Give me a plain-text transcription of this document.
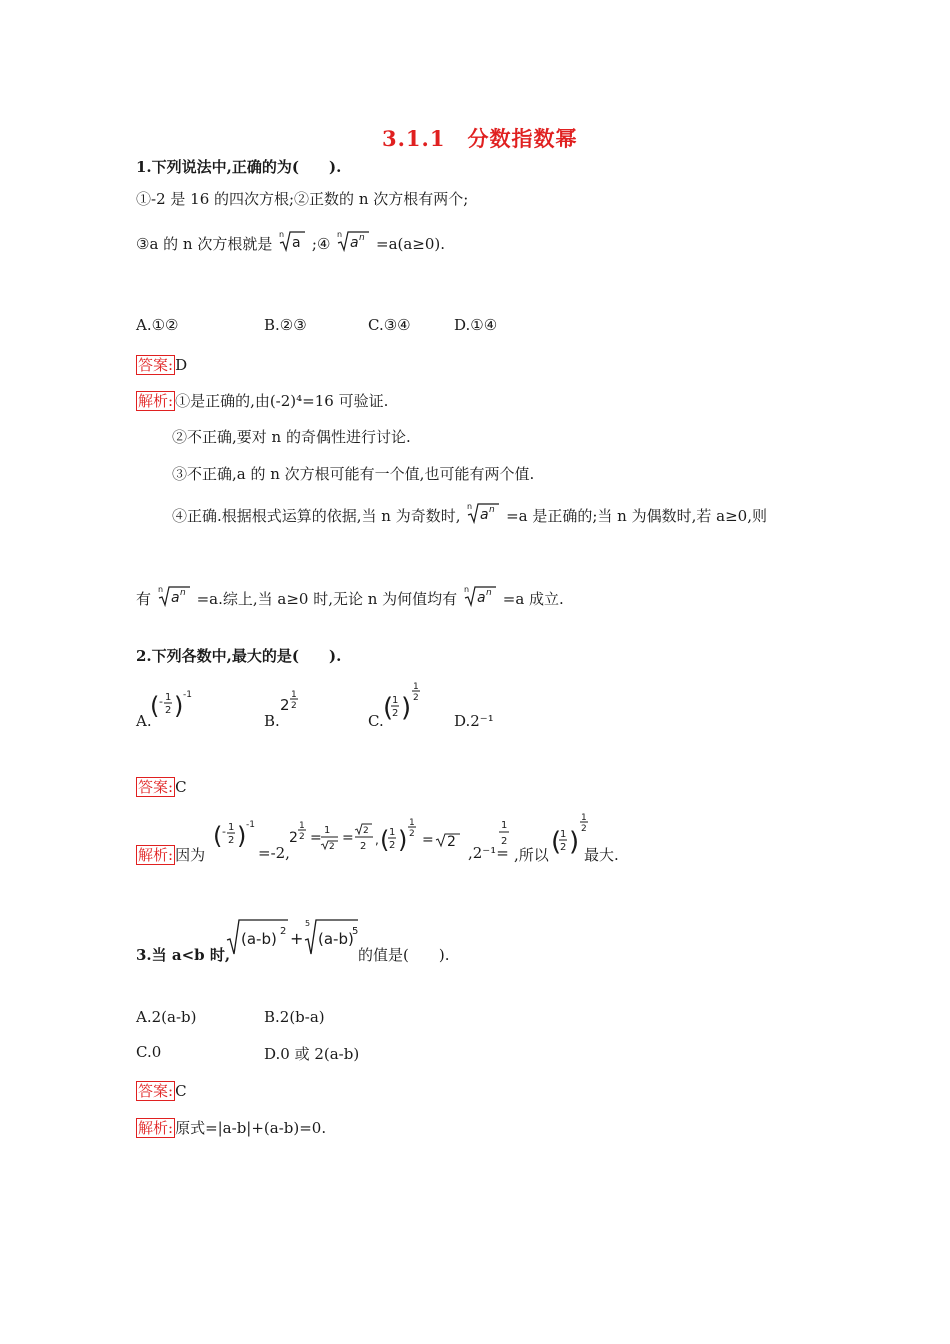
3.1.1　分数指数幂
1.下列说法中,正确的为(　　).
①-2 是 16 的四次方根;②正数的 n 次方根有两个;
③a 的 n 次方根就是
n
a ;④
n
a n =a(a≥0).
A.①②	B.②③	C.③④	D.①④
答案: D
解析: ①是正确的,由(-2)⁴=16 可验证.
②不正确,要对 n 的奇偶性进行讨论.
③不正确,a 的 n 次方根可能有一个值,也可能有两个值.
④正确.根据根式运算的依据,当 n 为奇数时,
n
a n =a 是正确的;当 n 为偶数时,若 a≥0,则
有
n
a n =a.综上,当 a≥0 时,无论 n 为何值均有
n
a n =a 成立.
2.下列各数中,最大的是(　　).
A.
( - 1
2 ) -1
B.
2
1
2
C. (
1
2 )
1
2
D.2⁻¹
答案: C
解析: 因为
( - 1
2 ) -1
=-2,
2
1
2 = 1
2
= 2
2 , ( 1
2 )
1
2 = 2
,2⁻¹=
1
2
,所以 (
1
2 )
1
2
最大.
3.当 a<b 时,
(a-b) 2 +
5
(a-b)
5
的值是(　　).
A.2(a-b)	B.2(b-a)
C.0	D.0 或 2(a-b)
答案: C
解析: 原式=|a-b|+(a-b)=0.
